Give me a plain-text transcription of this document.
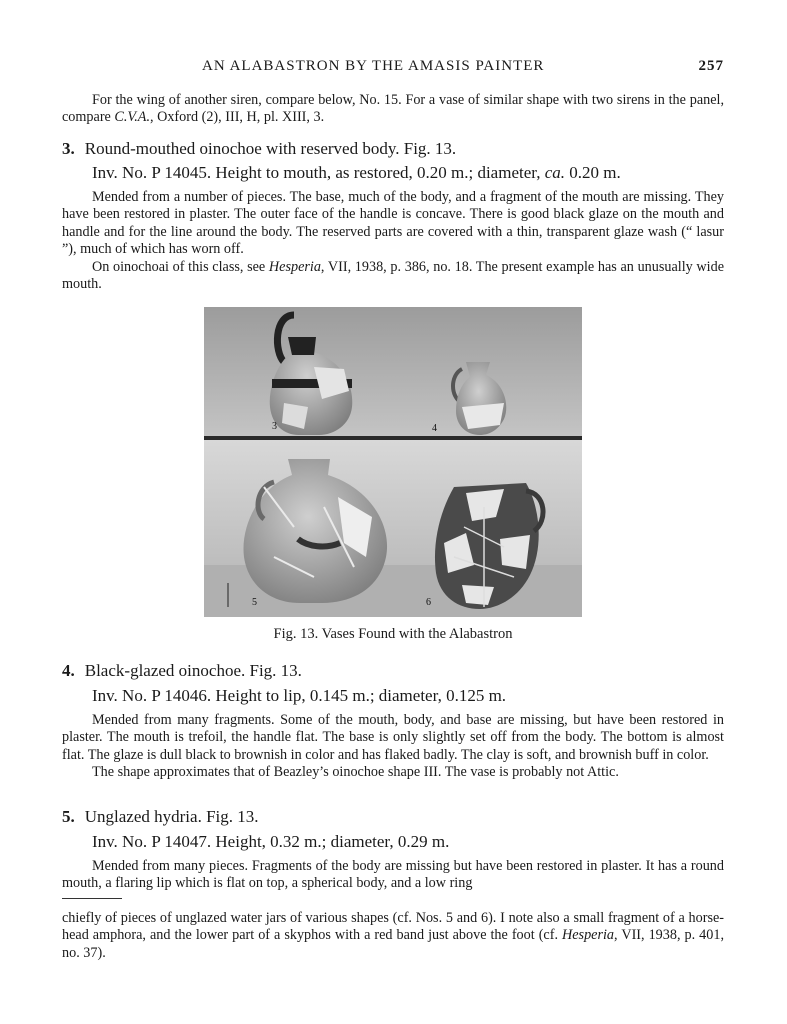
AN ALABASTRON BY THE AMASIS PAINTER	257

For the wing of another siren, compare below, No. 15. For a vase of similar shape with two sirens in the panel, compare C.V.A., Oxford (2), III, H, pl. XIII, 3.

3. Round-mouthed oinochoe with reserved body. Fig. 13.
Inv. No. P 14045. Height to mouth, as restored, 0.20 m.; diameter, ca. 0.20 m.

Mended from a number of pieces. The base, much of the body, and a fragment of the mouth are missing. They have been restored in plaster. The outer face of the handle is concave. There is good black glaze on the mouth and handle and for the line around the body. The reserved parts are covered with a thin, transparent glaze wash (“ lasur ”), much of which has worn off.

On oinochoai of this class, see Hesperia, VII, 1938, p. 386, no. 18. The present example has an unusually wide mouth.

3	4
5	6
Fig. 13. Vases Found with the Alabastron
4. Black-glazed oinochoe. Fig. 13.
Inv. No. P 14046. Height to lip, 0.145 m.; diameter, 0.125 m.

Mended from many fragments. Some of the mouth, body, and base are missing, but have been restored in plaster. The mouth is trefoil, the handle flat. The base is only slightly set off from the body. The bottom is almost flat. The glaze is dull black to brownish in color and has flaked badly. The clay is soft, and brownish buff in color.

The shape approximates that of Beazley’s oinochoe shape III. The vase is probably not Attic.

5. Unglazed hydria. Fig. 13.
Inv. No. P 14047. Height, 0.32 m.; diameter, 0.29 m.

Mended from many pieces. Fragments of the body are missing but have been restored in plaster. It has a round mouth, a flaring lip which is flat on top, a spherical body, and a low ring

chiefly of pieces of unglazed water jars of various shapes (cf. Nos. 5 and 6). I note also a small fragment of a horse-head amphora, and the lower part of a skyphos with a red band just above the foot (cf. Hesperia, VII, 1938, p. 401, no. 37).
